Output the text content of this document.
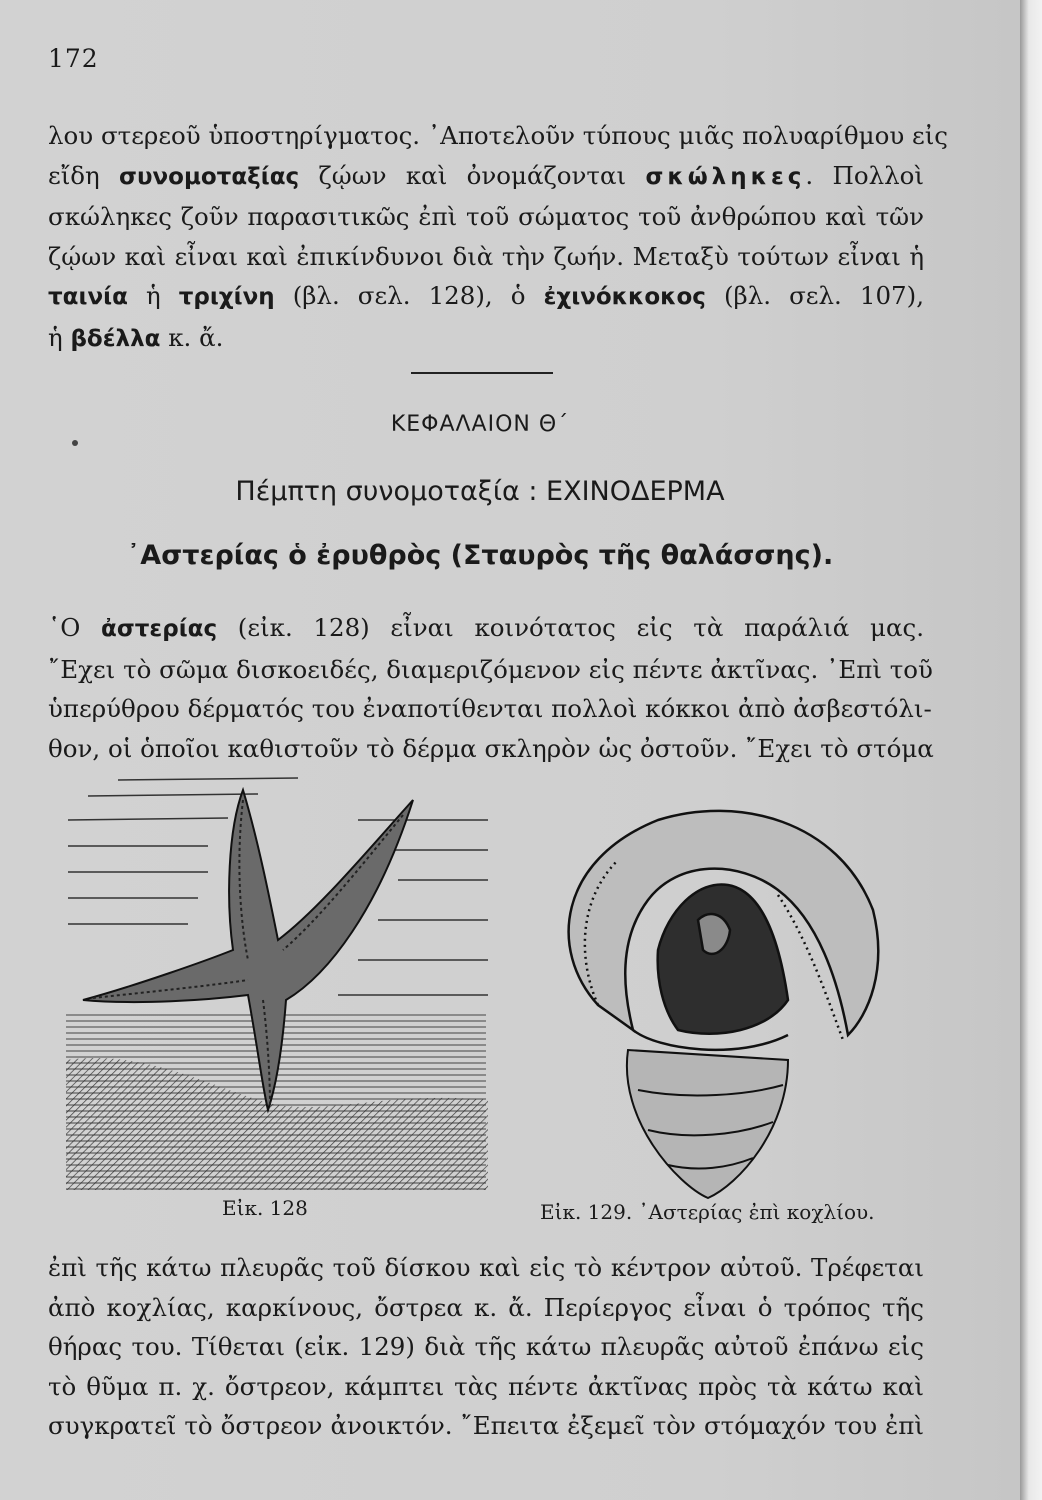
172
λου στερεοῦ ὑποστηρίγματος. ᾿Αποτελοῦν τύπους μιᾶς πολυαρίθμου εἰς
εἴδη συνομοταξίας ζῴων καὶ ὀνομάζονται σκώληκες. Πολλοὶ
σκώληκες ζοῦν παρασιτικῶς ἐπὶ τοῦ σώματος τοῦ ἀνθρώπου καὶ τῶν
ζῴων καὶ εἶναι καὶ ἐπικίνδυνοι διὰ τὴν ζωήν. Μεταξὺ τούτων εἶναι ἡ
ταινία ἡ τριχίνη (βλ. σελ. 128), ὁ ἐχινόκκοκος (βλ. σελ. 107),
ἡ βδέλλα κ. ἄ.
ΚΕΦΑΛΑΙΟΝ Θ΄
Πέμπτη συνομοταξία : ΕΧΙΝΟΔΕΡΜΑ
᾿Αστερίας ὁ ἐρυθρὸς (Σταυρὸς τῆς θαλάσσης).
῾Ο ἀστερίας (εἰκ. 128) εἶναι κοινότατος εἰς τὰ παράλιά μας.
῎Εχει τὸ σῶμα δισκοειδές, διαμεριζόμενον εἰς πέντε ἀκτῖνας. ᾿Επὶ τοῦ
ὑπερύθρου δέρματός του ἐναποτίθενται πολλοὶ κόκκοι ἀπὸ ἀσβεστόλι-
θον, οἱ ὁποῖοι καθιστοῦν τὸ δέρμα σκληρὸν ὡς ὀστοῦν. ῎Εχει τὸ στόμα
Εἰκ. 128	Εἰκ. 129. ᾿Αστερίας ἐπὶ κοχλίου.
ἐπὶ τῆς κάτω πλευρᾶς τοῦ δίσκου καὶ εἰς τὸ κέντρον αὐτοῦ. Τρέφεται
ἀπὸ κοχλίας, καρκίνους, ὄστρεα κ. ἄ. Περίεργος εἶναι ὁ τρόπος τῆς
θήρας του. Τίθεται (εἰκ. 129) διὰ τῆς κάτω πλευρᾶς αὐτοῦ ἐπάνω εἰς
τὸ θῦμα π. χ. ὄστρεον, κάμπτει τὰς πέντε ἀκτῖνας πρὸς τὰ κάτω καὶ
συγκρατεῖ τὸ ὄστρεον ἀνοικτόν. ῎Επειτα ἐξεμεῖ τὸν στόμαχόν του ἐπὶ
